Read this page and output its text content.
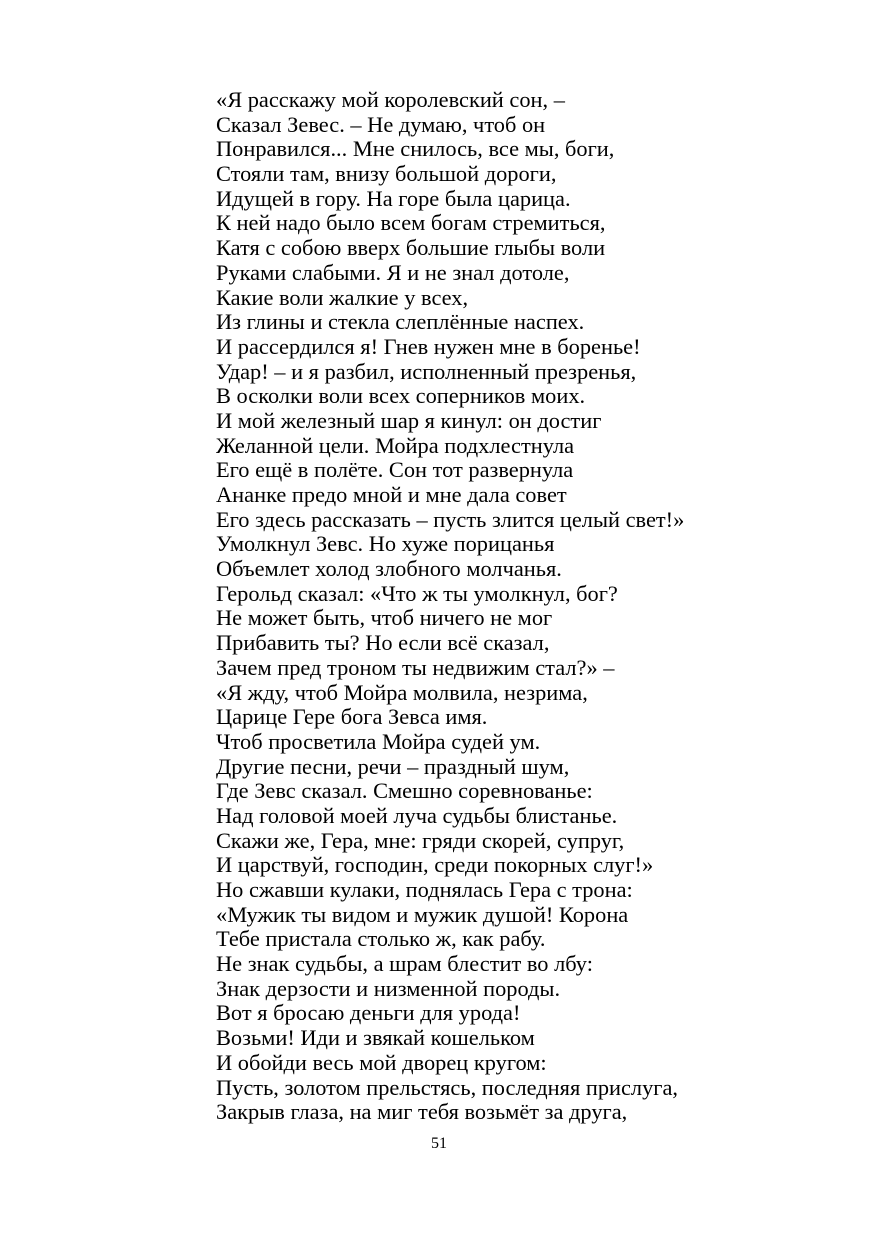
«Я расскажу мой королевский сон, –

Сказал Зевес. – Не думаю, чтоб он

Понравился... Мне снилось, все мы, боги,

Стояли там, внизу большой дороги,

Идущей в гору. На горе была царица.

К ней надо было всем богам стремиться,

Катя с собою вверх большие глыбы воли

Руками слабыми. Я и не знал дотоле,

Какие воли жалкие у всех,

Из глины и стекла слеплённые наспех.

И рассердился я! Гнев нужен мне в боренье!

Удар! – и я разбил, исполненный презренья,

В осколки воли всех соперников моих.

И мой железный шар я кинул: он достиг

Желанной цели. Мойра подхлестнула

Его ещё в полёте. Сон тот развернула

Ананке предо мной и мне дала совет

Его здесь рассказать – пусть злится целый свет!»

Умолкнул Зевс. Но хуже порицанья

Объемлет холод злобного молчанья.

Герольд сказал: «Что ж ты умолкнул, бог?

Не может быть, чтоб ничего не мог

Прибавить ты? Но если всё сказал,

Зачем пред троном ты недвижим стал?» –

«Я жду, чтоб Мойра молвила, незрима,

Царице Гере бога Зевса имя.

Чтоб просветила Мойра судей ум.

Другие песни, речи – праздный шум,

Где Зевс сказал. Смешно соревнованье:

Над головой моей луча судьбы блистанье.

Скажи же, Гера, мне: гряди скорей, супруг,

И царствуй, господин, среди покорных слуг!»

Но сжавши кулаки, поднялась Гера с трона:

«Мужик ты видом и мужик душой! Корона

Тебе пристала столько ж, как рабу.

Не знак судьбы, а шрам блестит во лбу:

Знак дерзости и низменной породы.

Вот я бросаю деньги для урода!

Возьми! Иди и звякай кошельком

И обойди весь мой дворец кругом:

Пусть, золотом прельстясь, последняя прислуга,

Закрыв глаза, на миг тебя возьмёт за друга,

51
